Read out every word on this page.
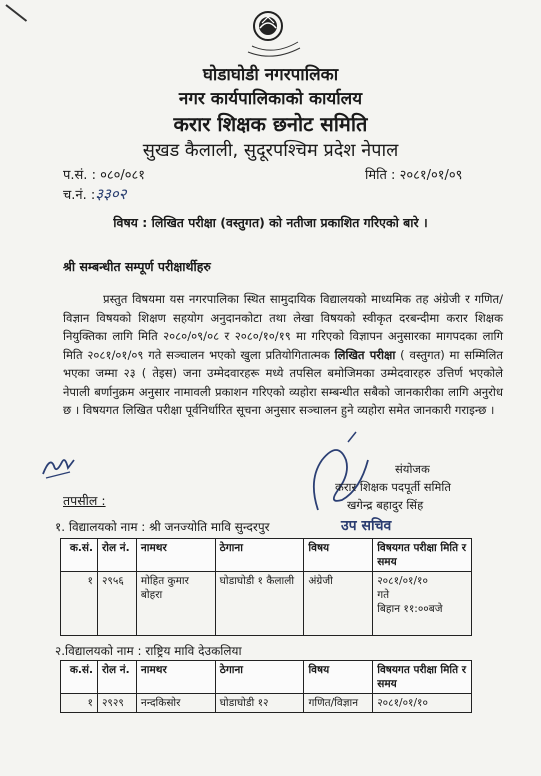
घोडाघोडी नगरपालिका
नगर कार्यपालिकाको कार्यालय
करार शिक्षक छनोट समिति
सुखड कैलाली, सुदूरपश्चिम प्रदेश नेपाल
प.सं. : ०८०/०८१
च.नं. :३३०२
मिति : २०८१/०१/०९
विषय : लिखित परीक्षा (वस्तुगत) को नतीजा प्रकाशित गरिएको बारे ।
श्री सम्बन्धीत सम्पूर्ण परीक्षार्थीहरु
प्रस्तुत विषयमा यस नगरपालिका स्थित सामुदायिक विद्यालयको माध्यमिक तह अंग्रेजी र गणित/विज्ञान विषयको शिक्षण सहयोग अनुदानकोटा तथा लेखा विषयको स्वीकृत दरबन्दीमा करार शिक्षक नियुक्तिका लागि मिति २०८०/०९/०८ र २०८०/१०/१९ मा गरिएको विज्ञापन अनुसारका मागपदका लागि मिति २०८१/०१/०९ गते सञ्चालन भएको खुला प्रतियोगितात्मक लिखित परीक्षा ( वस्तुगत) मा सम्मिलित भएका जम्मा २३ ( तेइस) जना उम्मेदवारहरू मध्ये तपसिल बमोजिमका उम्मेदवारहरु उत्तिर्ण भएकोले नेपाली बर्णानुक्रम अनुसार नामावली प्रकाशन गरिएको व्यहोरा सम्बन्धीत सबैको जानकारीका लागि अनुरोध छ । विषयगत लिखित परीक्षा पूर्वनिर्धारित सूचना अनुसार सञ्चालन हुने व्यहोरा समेत जानकारी गराइन्छ ।
संयोजक
करार शिक्षक पदपूर्ती समिति
खगेन्द्र बहादुर सिंह
उप सचिव
तपसील :
१. विद्यालयको नाम : श्री जनज्योति मावि सुन्दरपुर
क.सं.	रोल नं.	नामथर	ठेगाना	विषय	विषयगत परीक्षा मिति र समय
१	२९५६	मोहित कुमार बोहरा	घोडाघोडी १ कैलाली	अंग्रेजी	२०८१/०१/१०
गते
बिहान ११:००बजे
२.विद्यालयको नाम : राष्ट्रिय मावि देउकलिया
क.सं.	रोल नं.	नामथर	ठेगाना	विषय	विषयगत परीक्षा मिति र समय
१	२९२९	नन्दकिसोर	घोडाघोडी १२	गणित/विज्ञान	२०८१/०१/१०
